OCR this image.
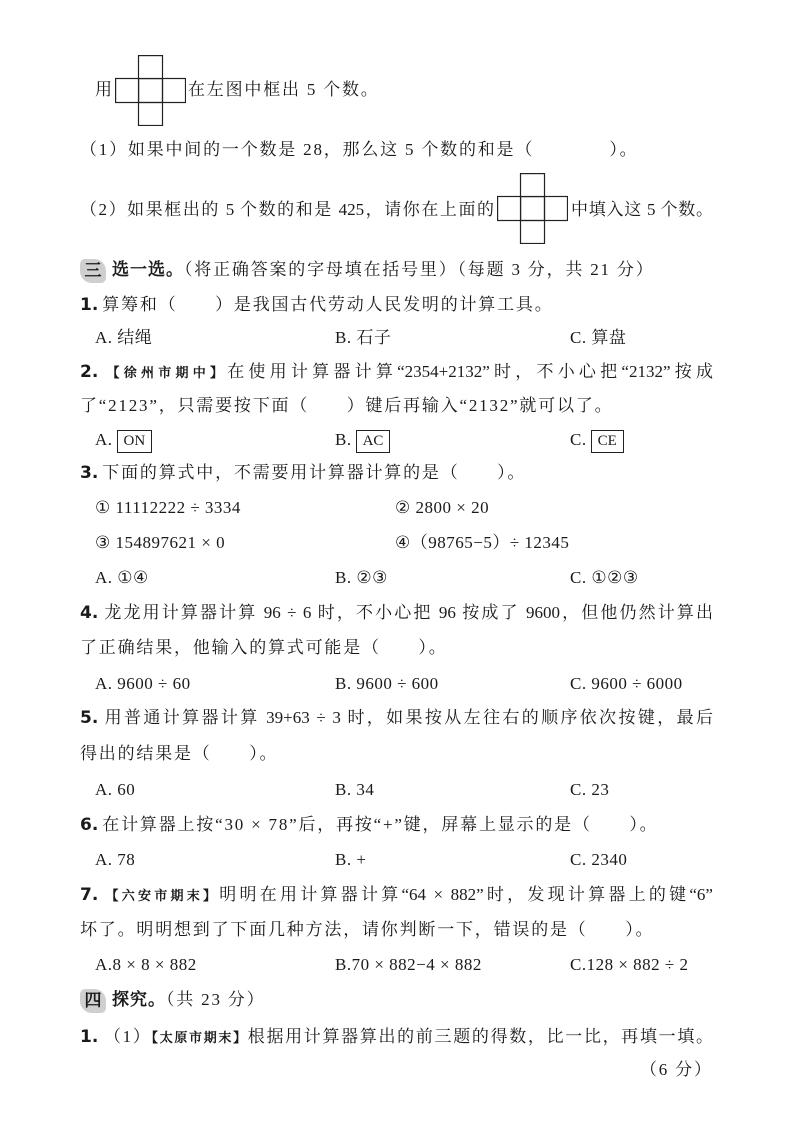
用	在左图中框出 5 个数。
（1）如果中间的一个数是 28，那么这 5 个数的和是（　　　　）。
（2）如果框出的 5 个数的和是 425，请你在上面的	中填入这 5 个数。
三 选一选。（将正确答案的字母填在括号里）（每题 3 分，共 21 分）
1. 算筹和（　　）是我国古代劳动人民发明的计算工具。
A. 结绳	B. 石子	C. 算盘
2. 【徐州市期中】在使用计算器计算“2354+2132”时，不小心把“2132”按成
了“2123”，只需要按下面（　　）键后再输入“2132”就可以了。
A. ON	B. AC	C. CE
3. 下面的算式中，不需要用计算器计算的是（　　）。
① 11112222 ÷ 3334	② 2800 × 20
③ 154897621 × 0	④（98765−5）÷ 12345
A. ①④	B. ②③	C. ①②③
4. 龙龙用计算器计算 96 ÷ 6 时，不小心把 96 按成了 9600，但他仍然计算出
了正确结果，他输入的算式可能是（　　）。
A. 9600 ÷ 60	B. 9600 ÷ 600	C. 9600 ÷ 6000
5. 用普通计算器计算 39+63 ÷ 3 时，如果按从左往右的顺序依次按键，最后
得出的结果是（　　）。
A. 60	B. 34	C. 23
6. 在计算器上按“30 × 78”后，再按“+”键，屏幕上显示的是（　　）。
A. 78	B. +	C. 2340
7. 【六安市期末】明明在用计算器计算“64 × 882”时，发现计算器上的键“6”
坏了。明明想到了下面几种方法，请你判断一下，错误的是（　　）。
A.8 × 8 × 882	B.70 × 882−4 × 882	C.128 × 882 ÷ 2
四 探究。（共 23 分）
1. （1）【太原市期末】根据用计算器算出的前三题的得数，比一比，再填一填。
（6 分）
